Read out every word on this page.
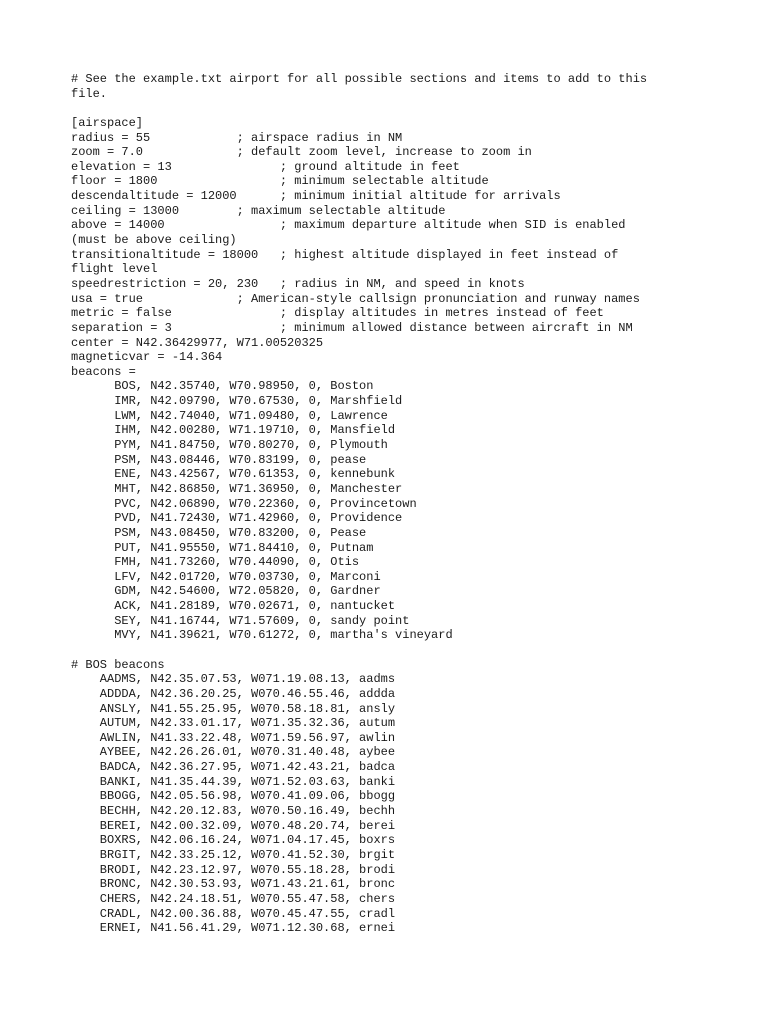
# See the example.txt airport for all possible sections and items to add to this
file.
[airspace]
radius = 55            ; airspace radius in NM
zoom = 7.0             ; default zoom level, increase to zoom in
elevation = 13               ; ground altitude in feet
floor = 1800                 ; minimum selectable altitude
descendaltitude = 12000      ; minimum initial altitude for arrivals
ceiling = 13000        ; maximum selectable altitude
above = 14000                ; maximum departure altitude when SID is enabled
(must be above ceiling)
transitionaltitude = 18000   ; highest altitude displayed in feet instead of
flight level
speedrestriction = 20, 230   ; radius in NM, and speed in knots
usa = true             ; American-style callsign pronunciation and runway names
metric = false               ; display altitudes in metres instead of feet
separation = 3               ; minimum allowed distance between aircraft in NM
center = N42.36429977, W71.00520325
magneticvar = -14.364
beacons =
BOS, N42.35740, W70.98950, 0, Boston
IMR, N42.09790, W70.67530, 0, Marshfield
LWM, N42.74040, W71.09480, 0, Lawrence
IHM, N42.00280, W71.19710, 0, Mansfield
PYM, N41.84750, W70.80270, 0, Plymouth
PSM, N43.08446, W70.83199, 0, pease
ENE, N43.42567, W70.61353, 0, kennebunk
MHT, N42.86850, W71.36950, 0, Manchester
PVC, N42.06890, W70.22360, 0, Provincetown
PVD, N41.72430, W71.42960, 0, Providence
PSM, N43.08450, W70.83200, 0, Pease
PUT, N41.95550, W71.84410, 0, Putnam
FMH, N41.73260, W70.44090, 0, Otis
LFV, N42.01720, W70.03730, 0, Marconi
GDM, N42.54600, W72.05820, 0, Gardner
ACK, N41.28189, W70.02671, 0, nantucket
SEY, N41.16744, W71.57609, 0, sandy point
MVY, N41.39621, W70.61272, 0, martha's vineyard
# BOS beacons
AADMS, N42.35.07.53, W071.19.08.13, aadms
ADDDA, N42.36.20.25, W070.46.55.46, addda
ANSLY, N41.55.25.95, W070.58.18.81, ansly
AUTUM, N42.33.01.17, W071.35.32.36, autum
AWLIN, N41.33.22.48, W071.59.56.97, awlin
AYBEE, N42.26.26.01, W070.31.40.48, aybee
BADCA, N42.36.27.95, W071.42.43.21, badca
BANKI, N41.35.44.39, W071.52.03.63, banki
BBOGG, N42.05.56.98, W070.41.09.06, bbogg
BECHH, N42.20.12.83, W070.50.16.49, bechh
BEREI, N42.00.32.09, W070.48.20.74, berei
BOXRS, N42.06.16.24, W071.04.17.45, boxrs
BRGIT, N42.33.25.12, W070.41.52.30, brgit
BRODI, N42.23.12.97, W070.55.18.28, brodi
BRONC, N42.30.53.93, W071.43.21.61, bronc
CHERS, N42.24.18.51, W070.55.47.58, chers
CRADL, N42.00.36.88, W070.45.47.55, cradl
ERNEI, N41.56.41.29, W071.12.30.68, ernei
